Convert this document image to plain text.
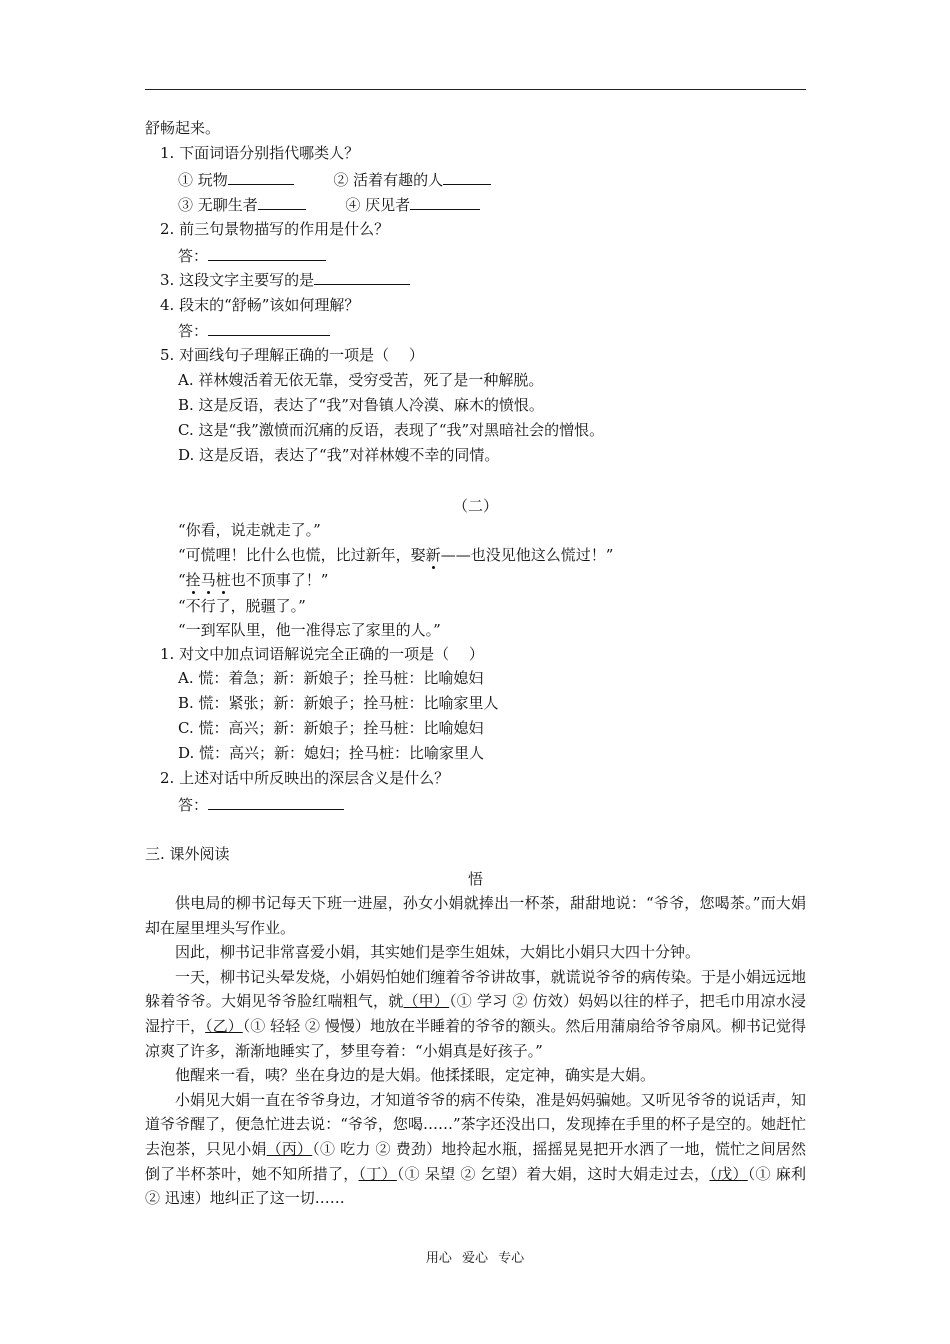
舒畅起来。
1. 下面词语分别指代哪类人？
① 玩物	② 活着有趣的人
③ 无聊生者	④ 厌见者
2. 前三句景物描写的作用是什么？
答：
3. 这段文字主要写的是
4. 段末的“舒畅”该如何理解？
答：
5. 对画线句子理解正确的一项是（　 ）
A. 祥林嫂活着无依无靠，受穷受苦，死了是一种解脱。
B. 这是反语，表达了“我”对鲁镇人冷漠、麻木的愤恨。
C. 这是“我”激愤而沉痛的反语，表现了“我”对黑暗社会的憎恨。
D. 这是反语，表达了“我”对祥林嫂不幸的同情。
（二）
“你看，说走就走了。”
“可慌哩！比什么也慌，比过新年，娶新——也没见他这么慌过！”
“拴马桩也不顶事了！”
“不行了，脱疆了。”
“一到军队里，他一准得忘了家里的人。”
1. 对文中加点词语解说完全正确的一项是（　 ）
A. 慌：着急；新：新娘子；拴马桩：比喻媳妇
B. 慌：紧张；新：新娘子；拴马桩：比喻家里人
C. 慌：高兴；新：新娘子；拴马桩：比喻媳妇
D. 慌：高兴；新：媳妇；拴马桩：比喻家里人
2. 上述对话中所反映出的深层含义是什么？
答：
三. 课外阅读
悟

供电局的柳书记每天下班一进屋，孙女小娟就捧出一杯茶，甜甜地说：“爷爷，您喝茶。”而大娟却在屋里埋头写作业。

因此，柳书记非常喜爱小娟，其实她们是孪生姐妹，大娟比小娟只大四十分钟。

一天，柳书记头晕发烧，小娟妈怕她们缠着爷爷讲故事，就谎说爷爷的病传染。于是小娟远远地躲着爷爷。大娟见爷爷脸红喘粗气，就（甲）（① 学习 ② 仿效）妈妈以往的样子，把毛巾用凉水浸湿拧干，（乙）（① 轻轻 ② 慢慢）地放在半睡着的爷爷的额头。然后用蒲扇给爷爷扇风。柳书记觉得凉爽了许多，渐渐地睡实了，梦里夸着：“小娟真是好孩子。”

他醒来一看，咦？坐在身边的是大娟。他揉揉眼，定定神，确实是大娟。

小娟见大娟一直在爷爷身边，才知道爷爷的病不传染，准是妈妈骗她。又听见爷爷的说话声，知道爷爷醒了，便急忙进去说：“爷爷，您喝……”茶字还没出口，发现捧在手里的杯子是空的。她赶忙去泡茶，只见小娟（丙）（① 吃力 ② 费劲）地拎起水瓶，摇摇晃晃把开水洒了一地，慌忙之间居然倒了半杯茶叶，她不知所措了，（丁）（① 呆望 ② 乞望）着大娟，这时大娟走过去，（戊）（① 麻利 ② 迅速）地纠正了这一切……

用心 爱心 专心
